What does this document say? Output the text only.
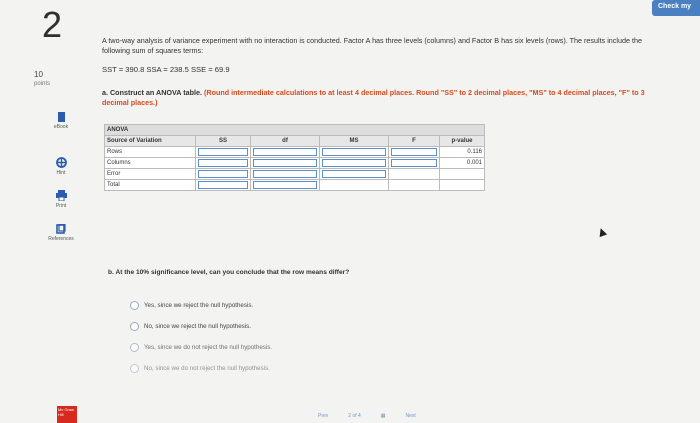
2	Check my
10
points
eBook
Hint
Print
References
A two-way analysis of variance experiment with no interaction is conducted. Factor A has three levels (columns) and Factor B has six levels (rows). The results include the following sum of squares terms:
SST = 390.8 SSA = 238.5 SSE = 69.9
a. Construct an ANOVA table. (Round intermediate calculations to at least 4 decimal places. Round "SS" to 2 decimal places, "MS" to 4 decimal places, "F" to 3 decimal places.)
ANOVA					
Source of Variation	SS	df	MS	F	p-value
Rows					0.116
Columns					0.001
Error	

Total	

b. At the 10% significance level, can you conclude that the row means differ?
Yes, since we reject the null hypothesis.
No, since we reject the null hypothesis.
Yes, since we do not reject the null hypothesis.
No, since we do not reject the null hypothesis.
Mc Graw Hill	Prev	2 of 4	▦	Next
